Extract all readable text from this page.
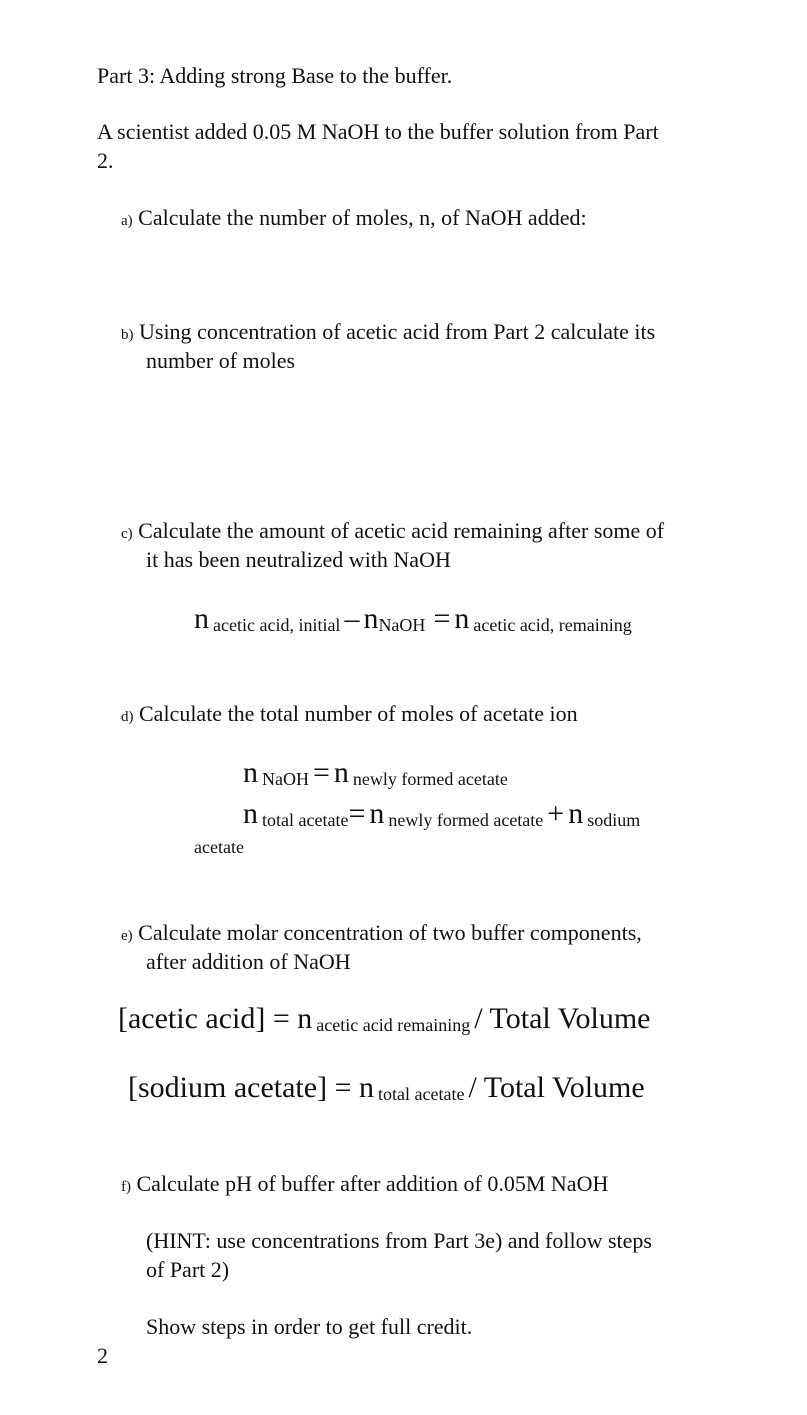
Part 3: Adding strong Base to the buffer.
A scientist added 0.05 M NaOH to the buffer solution from Part
2.
a) Calculate the number of moles, n, of NaOH added:
b) Using concentration of acetic acid from Part 2 calculate its
number of moles
c) Calculate the amount of acetic acid remaining after some of
it has been neutralized with NaOH
n acetic acid, initial – nNaOH = n acetic acid, remaining
d) Calculate the total number of moles of acetate ion
n NaOH = n newly formed acetate
n total acetate= n newly formed acetate + n sodium
acetate
e) Calculate molar concentration of two buffer components,
after addition of NaOH
[acetic acid] = n acetic acid remaining / Total Volume
[sodium acetate] = n total acetate / Total Volume
f) Calculate pH of buffer after addition of 0.05M NaOH
(HINT: use concentrations from Part 3e) and follow steps
of Part 2)
Show steps in order to get full credit.
2
